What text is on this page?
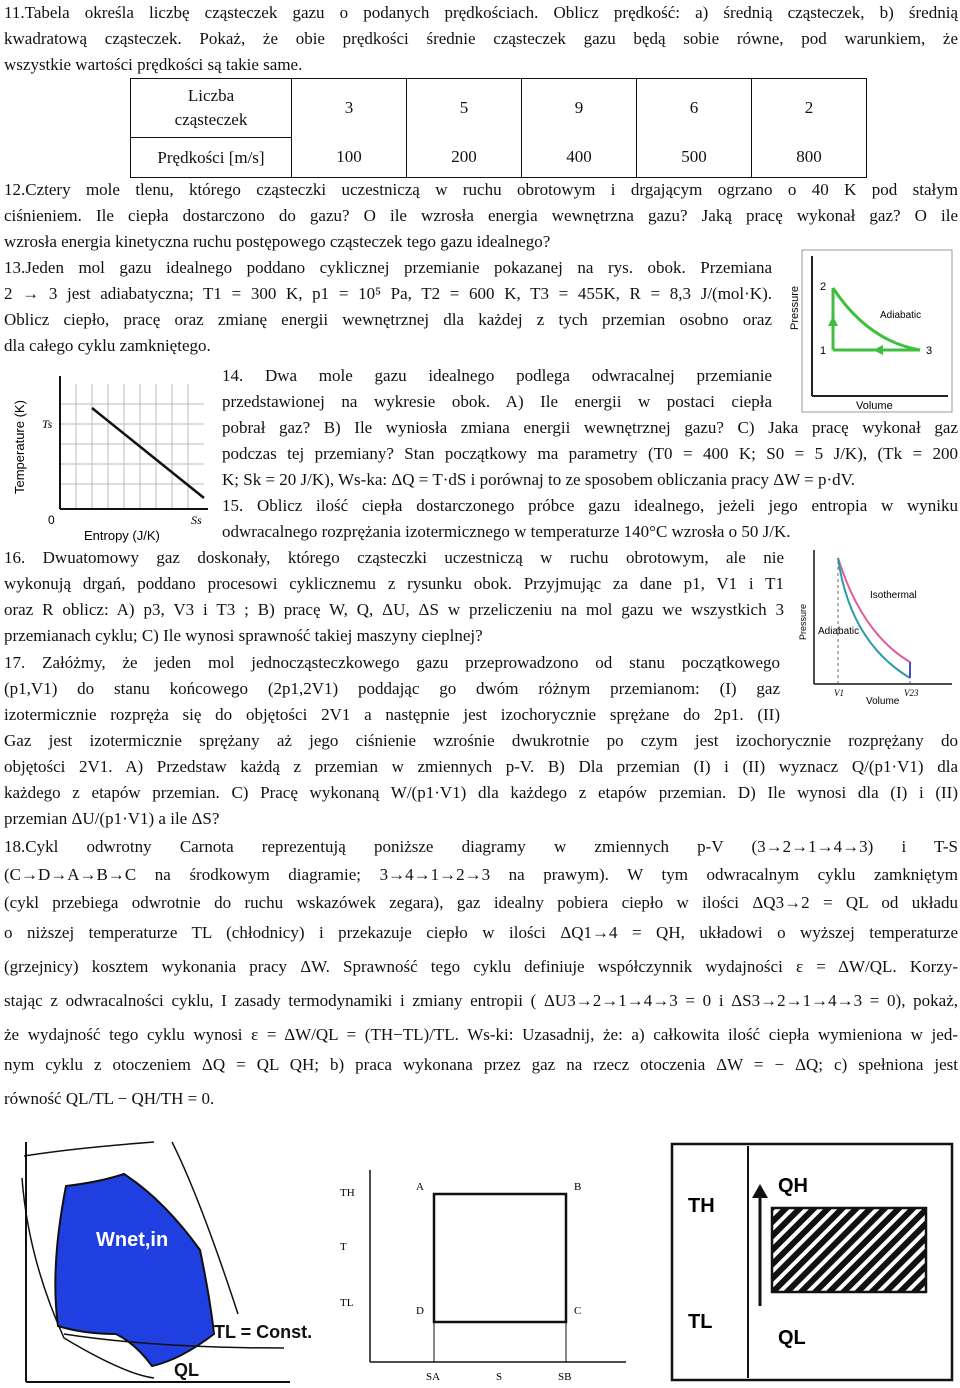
11.Tabela określa liczbę cząsteczek gazu o podanych prędkościach. Oblicz prędkość: a) średnią cząsteczek, b) średnią
kwadratową cząsteczek. Pokaż, że obie prędkości średnie cząsteczek gazu będą sobie równe, pod warunkiem, że
wszystkie wartości prędkości są takie same.
Liczba
cząsteczek	3	5	9	6	2
Prędkości [m/s]	100	200	400	500	800
12.Cztery mole tlenu, którego cząsteczki uczestniczą w ruchu obrotowym i drgającym ogrzano o 40 K pod stałym
ciśnieniem. Ile ciepła dostarczono do gazu? O ile wzrosła energia wewnętrzna gazu? Jaką pracę wykonał gaz? O ile
wzrosła energia kinetyczna ruchu postępowego cząsteczek tego gazu idealnego?
13.Jeden mol gazu idealnego poddano cyklicznej przemianie pokazanej na rys. obok. Przemiana
2 → 3 jest adiabatyczna; T1 = 300 K, p1 = 10⁵ Pa, T2 = 600 K, T3 = 455K, R = 8,3 J/(mol·K).
Oblicz ciepło, pracę oraz zmianę energii wewnętrznej dla każdej z tych przemian osobno oraz
dla całego cyklu zamkniętego.
Pressure
Volume
Adiabatic
2
1	3
Temperature (K)
Entropy (J/K)
Ts
Ss
0
14. Dwa mole gazu idealnego podlega odwracalnej przemianie
przedstawionej na wykresie obok. A) Ile energii w postaci ciepła
pobrał gaz? B) Ile wyniosła zmiana energii wewnętrznej gazu? C) Jaka pracę wykonał gaz
podczas tej przemiany? Stan początkowy ma parametry (T0 = 400 K; S0 = 5 J/K), (Tk = 200
K; Sk = 20 J/K), Ws-ka: ΔQ = T·dS i porównaj to ze sposobem obliczania pracy ΔW = p·dV.
15. Oblicz ilość ciepła dostarczonego próbce gazu idealnego, jeżeli jego entropia w wyniku
odwracalnego rozprężania izotermicznego w temperaturze 140°C wzrosła o 50 J/K.
16. Dwuatomowy gaz doskonały, którego cząsteczki uczestniczą w ruchu obrotowym, ale nie
wykonują drgań, poddano procesowi cyklicznemu z rysunku obok. Przyjmując za dane p1, V1 i T1
oraz R oblicz: A) p3, V3 i T3 ; B) pracę W, Q, ΔU, ΔS w przeliczeniu na mol gazu we wszystkich 3
przemianach cyklu; C) Ile wynosi sprawność takiej maszyny cieplnej?	Pressure
Volume
Isothermal
Adiabatic
V1	V23
17. Załóżmy, że jeden mol jednocząsteczkowego gazu przeprowadzono od stanu początkowego
(p1,V1) do stanu końcowego (2p1,2V1) poddając go dwóm różnym przemianom: (I) gaz
izotermicznie rozpręża się do objętości 2V1 a następnie jest izochorycznie sprężane do 2p1. (II)
Gaz jest izotermicznie sprężany aż jego ciśnienie wzrośnie dwukrotnie po czym jest izochorycznie rozprężany do
objętości 2V1. A) Przedstaw każdą z przemian w zmiennych p-V. B) Dla przemian (I) i (II) wyznacz Q/(p1·V1) dla
każdego z etapów przemian. C) Pracę wykonaną W/(p1·V1) dla każdego z etapów przemian. D) Ile wynosi dla (I) i (II)
przemian ΔU/(p1·V1) a ile ΔS?
18.Cykl odwrotny Carnota reprezentują poniższe diagramy w zmiennych p-V (3→2→1→4→3) i T-S
(C→D→A→B→C na środkowym diagramie; 3→4→1→2→3 na prawym). W tym odwracalnym cyklu zamkniętym
(cykl przebiega odwrotnie do ruchu wskazówek zegara), gaz idealny pobiera ciepło w ilości ΔQ3→2 = QL od układu
o niższej temperaturze TL (chłodnicy) i przekazuje ciepło w ilości ΔQ1→4 = QH, układowi o wyższej temperaturze
(grzejnicy) kosztem wykonania pracy ΔW. Sprawność tego cyklu definiuje współczynnik wydajności ε = ΔW/QL. Korzy-
stając z odwracalności cyklu, I zasady termodynamiki i zmiany entropii ( ΔU3→2→1→4→3 = 0 i ΔS3→2→1→4→3 = 0), pokaż,
że wydajność tego cyklu wynosi ε = ΔW/QL = (TH−TL)/TL. Ws-ki: Uzasadnij, że: a) całkowita ilość ciepła wymieniona w jed-
nym cyklu z otoczeniem ΔQ = QL QH; b) praca wykonana przez gaz na rzecz otoczenia ΔW = − ΔQ; c) spełniona jest
równość QL/TL − QH/TH = 0.
Wnet,in
TL = Const.
QL
TH
T
TL
A	B
C
D
SA	S	SB
TH
TL
QH
QL
